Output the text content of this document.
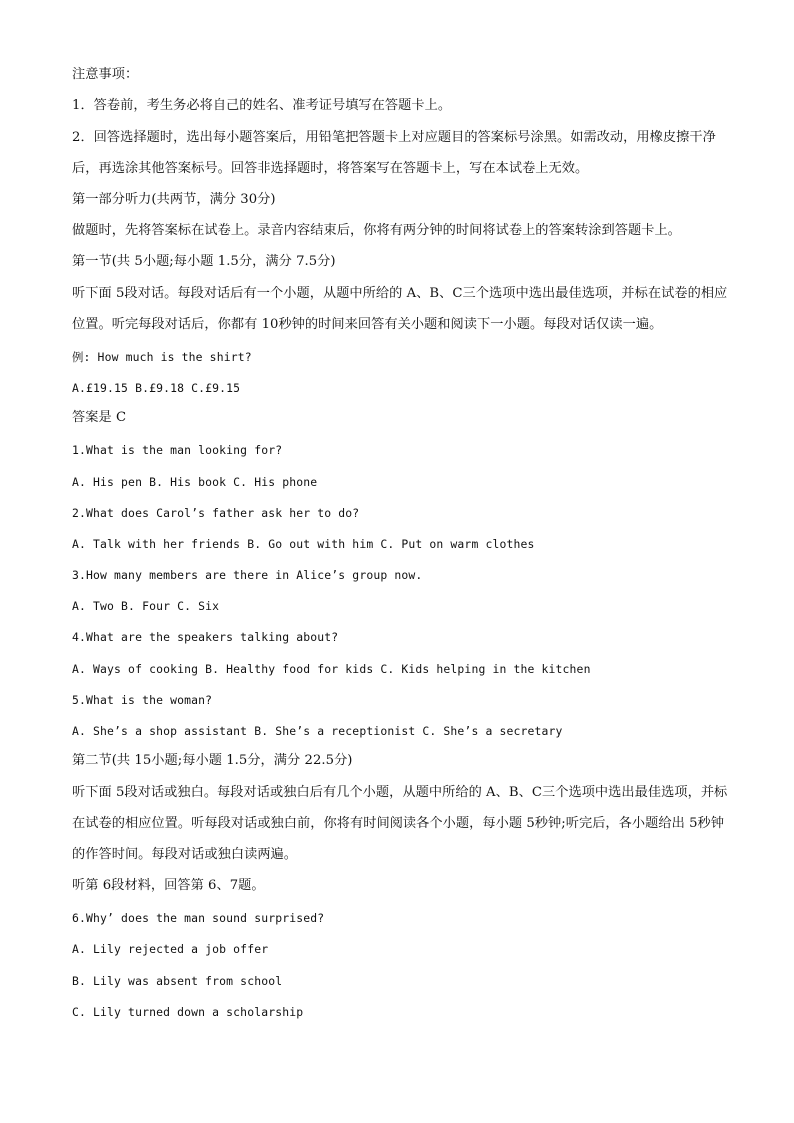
注意事项：
1．答卷前，考生务必将自己的姓名、准考证号填写在答题卡上。
2．回答选择题时，选出每小题答案后，用铅笔把答题卡上对应题目的答案标号涂黑。如需改动，用橡皮擦干净后，再选涂其他答案标号。回答非选择题时，将答案写在答题卡上，写在本试卷上无效。
第一部分听力(共两节，满分 30分)
做题时，先将答案标在试卷上。录音内容结束后，你将有两分钟的时间将试卷上的答案转涂到答题卡上。
第一节(共 5小题;每小题 1.5分，满分 7.5分)
听下面 5段对话。每段对话后有一个小题，从题中所给的 A、B、C三个选项中选出最佳选项，并标在试卷的相应位置。听完每段对话后，你都有 10秒钟的时间来回答有关小题和阅读下一小题。每段对话仅读一遍。
例: How much is the shirt?
A.£19.15 B.£9.18 C.£9.15
答案是 C
1.What is the man looking for?
A. His pen B. His book C. His phone
2.What does Carol’s father ask her to do?
A. Talk with her friends B. Go out with him C. Put on warm clothes
3.How many members are there in Alice’s group now.
A. Two B. Four C. Six
4.What are the speakers talking about?
A. Ways of cooking B. Healthy food for kids C. Kids helping in the kitchen
5.What is the woman?
A. She’s a shop assistant B. She’s a receptionist C. She’s a secretary
第二节(共 15小题;每小题 1.5分，满分 22.5分)
听下面 5段对话或独白。每段对话或独白后有几个小题，从题中所给的 A、B、C三个选项中选出最佳选项，并标在试卷的相应位置。听每段对话或独白前，你将有时间阅读各个小题，每小题 5秒钟;听完后，各小题给出 5秒钟的作答时间。每段对话或独白读两遍。
听第 6段材料，回答第 6、7题。
6.Why’ does the man sound surprised?
A. Lily rejected a job offer
B. Lily was absent from school
C. Lily turned down a scholarship
